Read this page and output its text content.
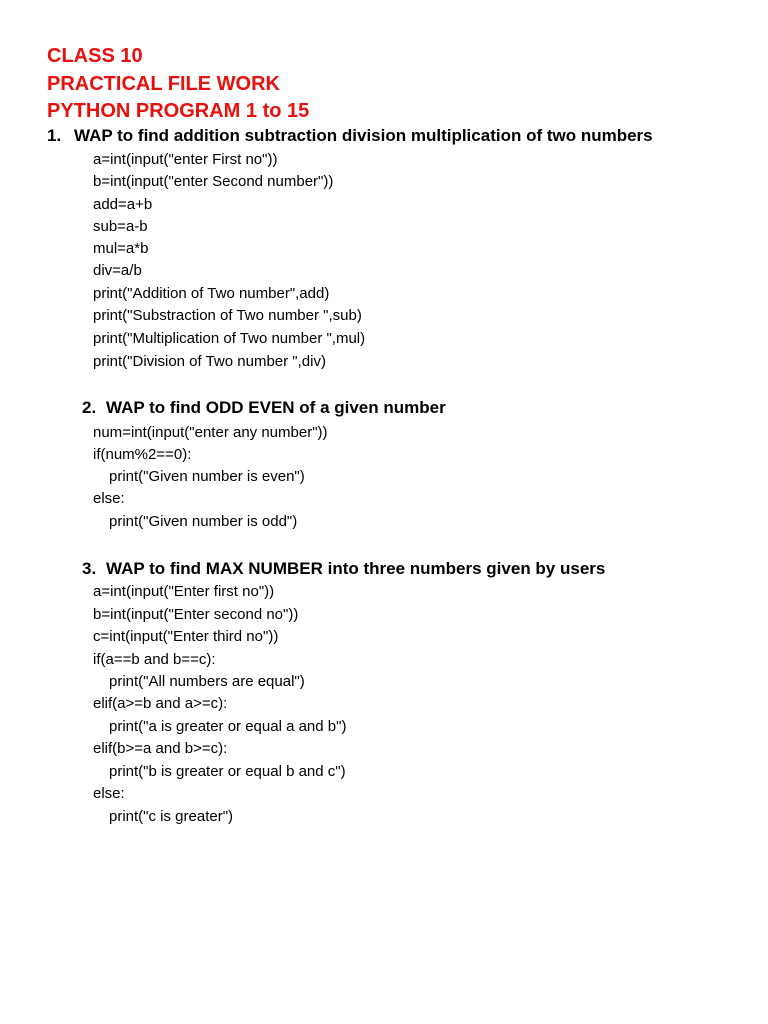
CLASS 10
PRACTICAL FILE WORK
PYTHON PROGRAM 1 to 15
1. WAP to find addition subtraction division multiplication of two numbers
a=int(input("enter First no"))
b=int(input("enter Second number"))
add=a+b
sub=a-b
mul=a*b
div=a/b
print("Addition of Two number",add)
print("Substraction of Two number ",sub)
print("Multiplication of Two number ",mul)
print("Division of Two number ",div)
2. WAP to find ODD EVEN of a given number
num=int(input("enter any number"))
if(num%2==0):
print("Given number is even")
else:
print("Given number is odd")
3. WAP to find MAX NUMBER into three numbers given by users
a=int(input("Enter first no"))
b=int(input("Enter second no"))
c=int(input("Enter third no"))
if(a==b and b==c):
print("All numbers are equal")
elif(a>=b and a>=c):
print("a is greater or equal a and b")
elif(b>=a and b>=c):
print("b is greater or equal b and c")
else:
print("c is greater")
